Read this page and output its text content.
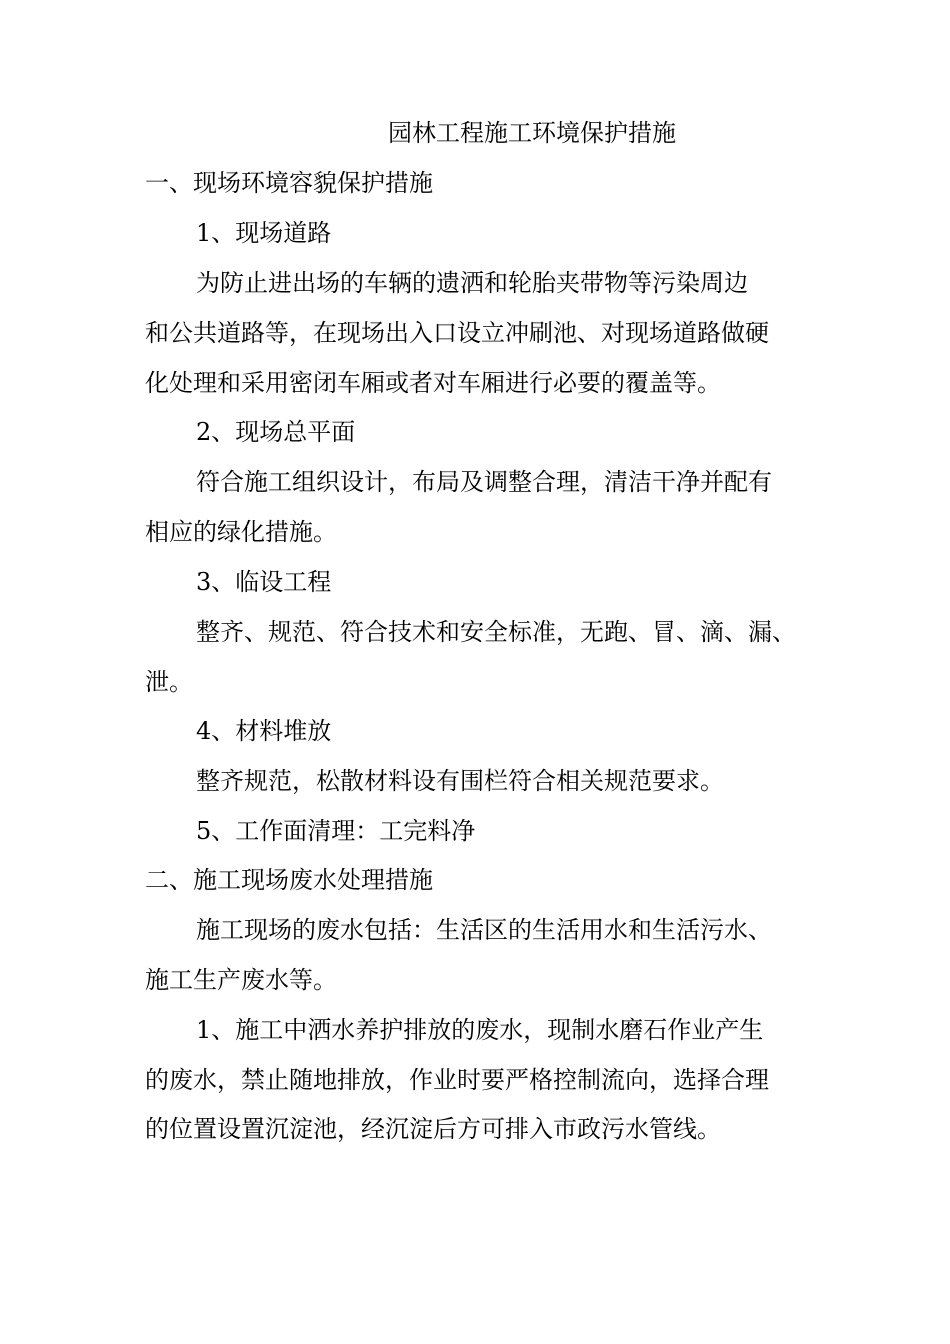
园林工程施工环境保护措施
一、现场环境容貌保护措施
1、现场道路
为防止进出场的车辆的遗洒和轮胎夹带物等污染周边
和公共道路等，在现场出入口设立冲刷池、对现场道路做硬
化处理和采用密闭车厢或者对车厢进行必要的覆盖等。
2、现场总平面
符合施工组织设计，布局及调整合理，清洁干净并配有
相应的绿化措施。
3、临设工程
整齐、规范、符合技术和安全标准，无跑、冒、滴、漏、
泄。
4、材料堆放
整齐规范，松散材料设有围栏符合相关规范要求。
5、工作面清理：工完料净
二、施工现场废水处理措施
施工现场的废水包括：生活区的生活用水和生活污水、
施工生产废水等。
1、施工中洒水养护排放的废水，现制水磨石作业产生
的废水，禁止随地排放，作业时要严格控制流向，选择合理
的位置设置沉淀池，经沉淀后方可排入市政污水管线。
